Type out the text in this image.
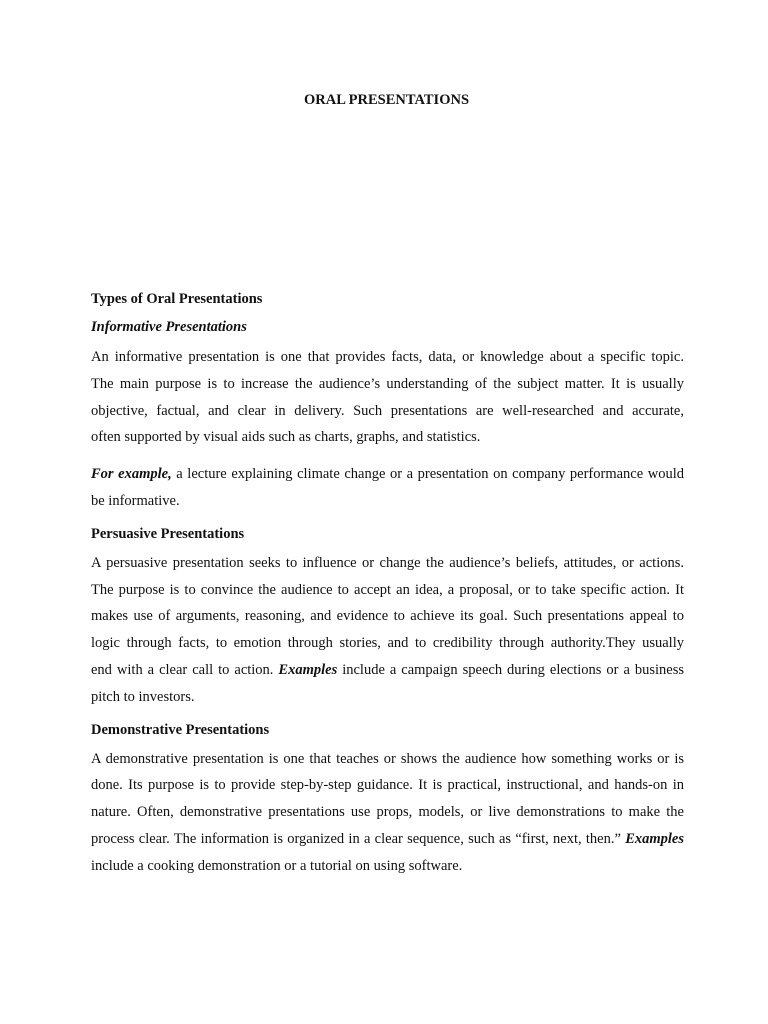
ORAL PRESENTATIONS
Types of Oral Presentations
Informative Presentations

An informative presentation is one that provides facts, data, or knowledge about a specific topic.
The main purpose is to increase the audience’s understanding of the subject matter. It is usually
objective, factual, and clear in delivery. Such presentations are well-researched and accurate,
often supported by visual aids such as charts, graphs, and statistics.

For example, a lecture explaining climate change or a presentation on company performance would
be informative.

Persuasive Presentations

A persuasive presentation seeks to influence or change the audience’s beliefs, attitudes, or actions.
The purpose is to convince the audience to accept an idea, a proposal, or to take specific action. It
makes use of arguments, reasoning, and evidence to achieve its goal. Such presentations appeal to
logic through facts, to emotion through stories, and to credibility through authority.They usually
end with a clear call to action. Examples include a campaign speech during elections or a business
pitch to investors.

Demonstrative Presentations

A demonstrative presentation is one that teaches or shows the audience how something works or is
done. Its purpose is to provide step-by-step guidance. It is practical, instructional, and hands-on in
nature. Often, demonstrative presentations use props, models, or live demonstrations to make the
process clear. The information is organized in a clear sequence, such as “first, next, then.” Examples
include a cooking demonstration or a tutorial on using software.
